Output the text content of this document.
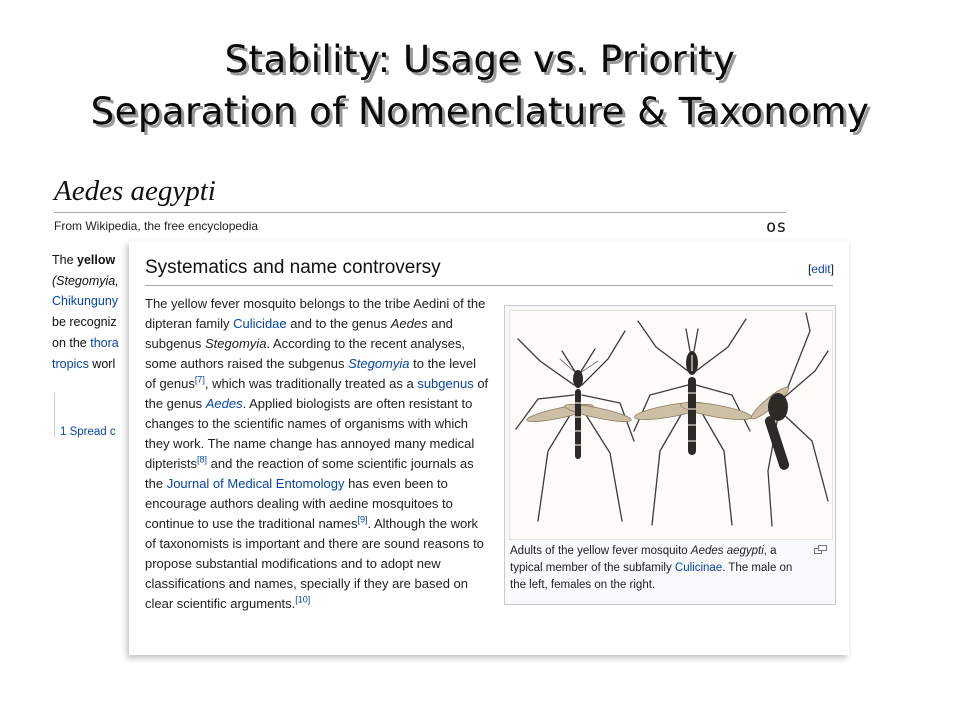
Stability: Usage vs. Priority
Separation of Nomenclature & Taxonomy
Aedes aegypti
From Wikipedia, the free encyclopedia	os
The yellow
(Stegomyia,
Chikunguny
be recogniz
on the thora
tropics worl
1 Spread c
Systematics and name controversy	[edit]
The yellow fever mosquito belongs to the tribe Aedini of the dipteran family Culicidae and to the genus Aedes and subgenus Stegomyia. According to the recent analyses, some authors raised the subgenus Stegomyia to the level of genus[7], which was traditionally treated as a subgenus of the genus Aedes. Applied biologists are often resistant to changes to the scientific names of organisms with which they work. The name change has annoyed many medical dipterists[8] and the reaction of some scientific journals as the Journal of Medical Entomology has even been to encourage authors dealing with aedine mosquitoes to continue to use the traditional names[9]. Although the work of taxonomists is important and there are sound reasons to propose substantial modifications and to adopt new classifications and names, specially if they are based on clear scientific arguments.[10]
Adults of the yellow fever mosquito Aedes aegypti, a typical member of the subfamily Culicinae. The male on the left, females on the right.
